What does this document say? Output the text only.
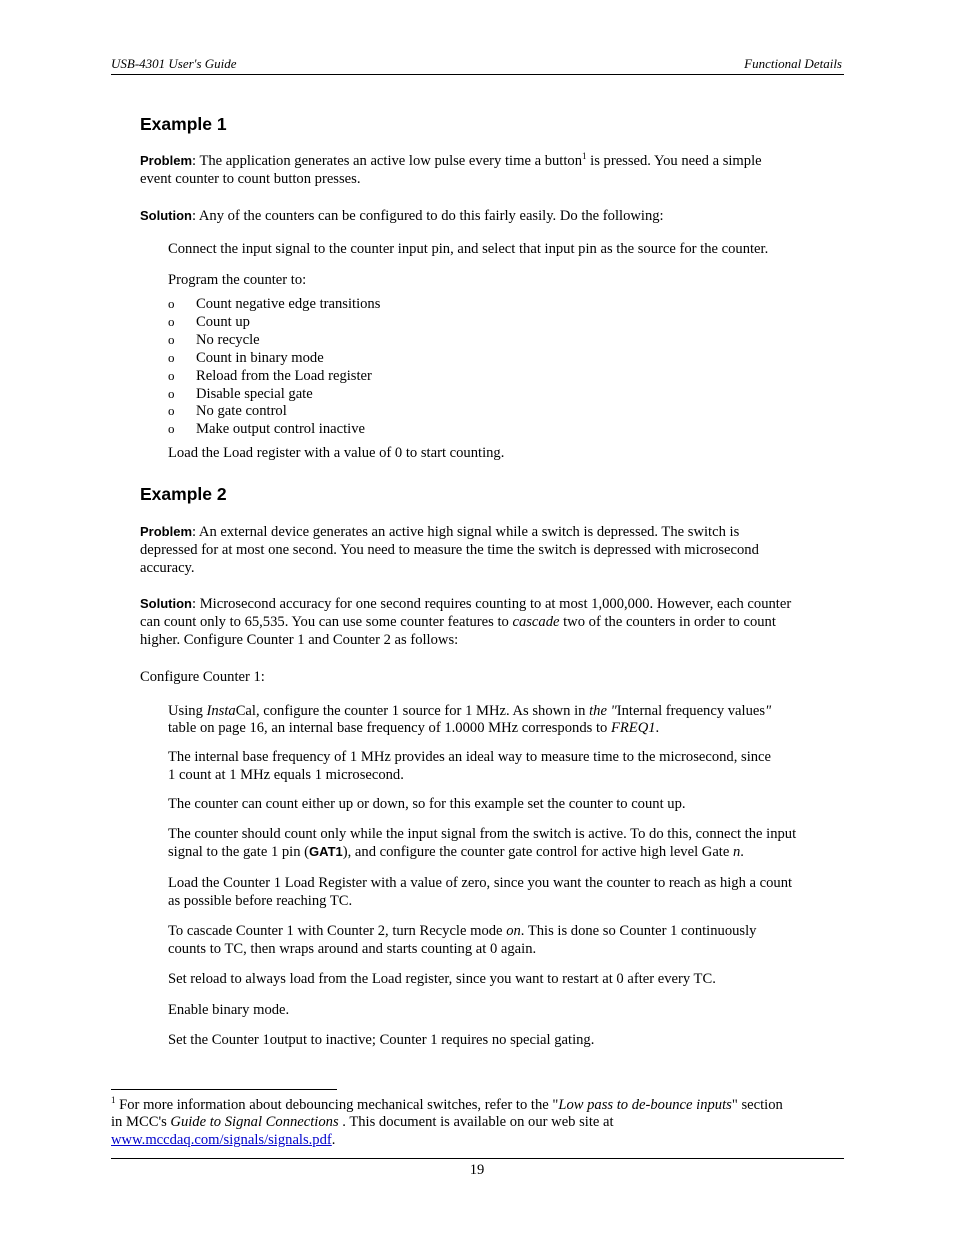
USB-4301 User's Guide	Functional Details
Example 1
Problem: The application generates an active low pulse every time a button$^1$ is pressed. You need a simple
event counter to count button presses.
Solution: Any of the counters can be configured to do this fairly easily. Do the following:
Connect the input signal to the counter input pin, and select that input pin as the source for the counter.
Program the counter to:
o Count negative edge transitions
o Count up
o No recycle
o Count in binary mode
o Reload from the Load register
o Disable special gate
o No gate control
o Make output control inactive
Load the Load register with a value of 0 to start counting.
Example 2
Problem: An external device generates an active high signal while a switch is depressed. The switch is
depressed for at most one second. You need to measure the time the switch is depressed with microsecond
accuracy.
Solution: Microsecond accuracy for one second requires counting to at most 1,000,000. However, each counter
can count only to 65,535. You can use some counter features to cascade two of the counters in order to count
higher. Configure Counter 1 and Counter 2 as follows:
Configure Counter 1:
Using InstaCal, configure the counter 1 source for 1 MHz. As shown in the "Internal frequency values"
table on page 16, an internal base frequency of 1.0000 MHz corresponds to FREQ1.
The internal base frequency of 1 MHz provides an ideal way to measure time to the microsecond, since
1 count at 1 MHz equals 1 microsecond.
The counter can count either up or down, so for this example set the counter to count up.
The counter should count only while the input signal from the switch is active. To do this, connect the input
signal to the gate 1 pin (GAT1), and configure the counter gate control for active high level Gate n.
Load the Counter 1 Load Register with a value of zero, since you want the counter to reach as high a count
as possible before reaching TC.
To cascade Counter 1 with Counter 2, turn Recycle mode on. This is done so Counter 1 continuously
counts to TC, then wraps around and starts counting at 0 again.
Set reload to always load from the Load register, since you want to restart at 0 after every TC.
Enable binary mode.
Set the Counter 1output to inactive; Counter 1 requires no special gating.
$^1$ For more information about debouncing mechanical switches, refer to the "Low pass to de-bounce inputs" section
in MCC's Guide to Signal Connections . This document is available on our web site at
www.mccdaq.com/signals/signals.pdf.
19
